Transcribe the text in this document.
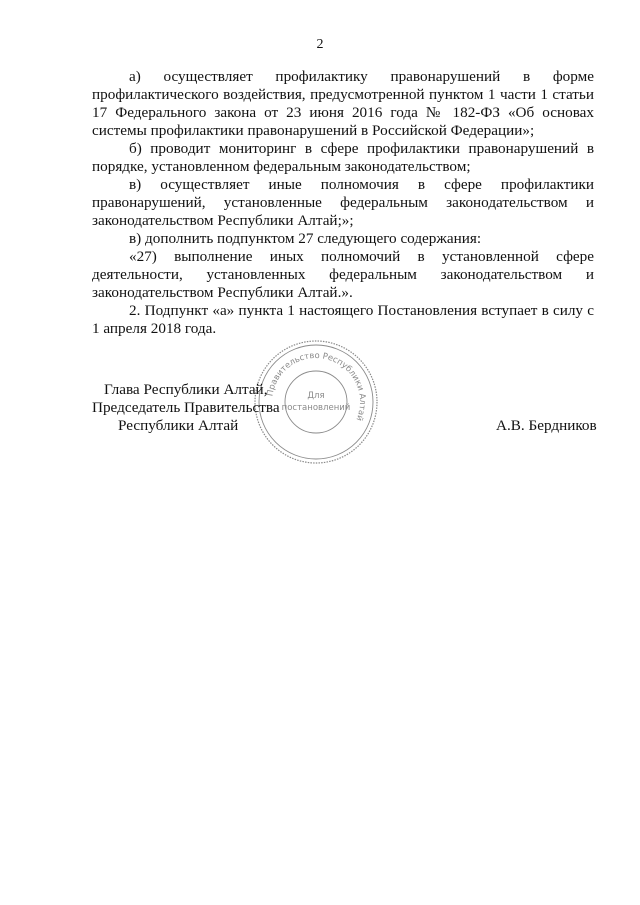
2

а) осуществляет профилактику правонарушений в форме профилактического воздействия, предусмотренной пунктом 1 части 1 статьи 17 Федерального закона от 23 июня 2016 года № 182-ФЗ «Об основах системы профилактики правонарушений в Российской Федерации»;

б) проводит мониторинг в сфере профилактики правонарушений в порядке, установленном федеральным законодательством;

в) осуществляет иные полномочия в сфере профилактики правонарушений, установленные федеральным законодательством и законодательством Республики Алтай;»;

в) дополнить подпунктом 27 следующего содержания:

«27) выполнение иных полномочий в установленной сфере деятельности, установленных федеральным законодательством и законодательством Республики Алтай.».

2. Подпункт «а» пункта 1 настоящего Постановления вступает в силу с 1 апреля 2018 года.

Правительство Республики Алтай
Для
постановлений
Глава Республики Алтай,
Председатель Правительства
Республики Алтай	А.В. Бердников
